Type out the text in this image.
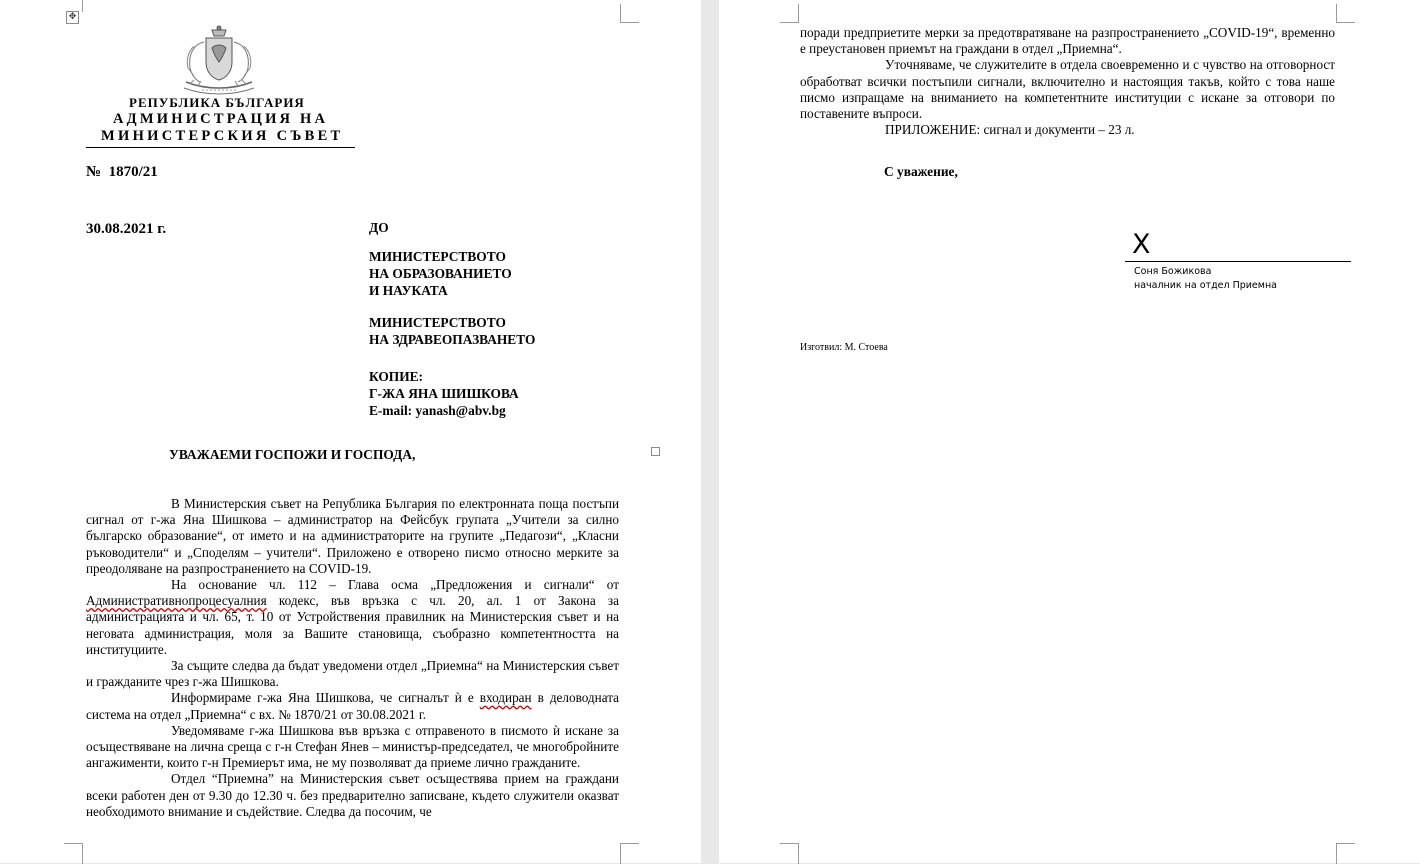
✥
РЕПУБЛИКА БЪЛГАРИЯ
АДМИНИСТРАЦИЯ НА
МИНИСТЕРСКИЯ СЪВЕТ
№ 1870/21
30.08.2021 г.	ДО
МИНИСТЕРСТВОТО
НА ОБРАЗОВАНИЕТО
И НАУКАТА
МИНИСТЕРСТВОТО
НА ЗДРАВЕОПАЗВАНЕТО
КОПИЕ:
Г-ЖА ЯНА ШИШКОВА
E-mail: yanash@abv.bg
УВАЖАЕМИ ГОСПОЖИ И ГОСПОДА,

В Министерския съвет на Република България по електронната поща постъпи сигнал от г-жа Яна Шишкова – администратор на Фейсбук групата „Учители за силно българско образование“, от името и на администраторите на групите „Педагози“, „Класни ръководители“ и „Споделям – учители“. Приложено е отворено писмо относно мерките за преодоляване на разпространението на COVID-19.

На основание чл. 112 – Глава осма „Предложения и сигнали“ от Административнопроцесуалния кодекс, във връзка с чл. 20, ал. 1 от Закона за администрацията и чл. 65, т. 10 от Устройствения правилник на Министерския съвет и на неговата администрация, моля за Вашите становища, съобразно компетентността на институциите.

За същите следва да бъдат уведомени отдел „Приемна“ на Министерския съвет и гражданите чрез г-жа Шишкова.

Информираме г-жа Яна Шишкова, че сигналът ѝ е входиран в деловодната система на отдел „Приемна“ с вх. № 1870/21 от 30.08.2021 г.

Уведомяваме г-жа Шишкова във връзка с отправеното в писмото ѝ искане за осъществяване на лична среща с г-н Стефан Янев – министър-председател, че многобройните ангажименти, които г-н Премиерът има, не му позволяват да приеме лично гражданите.

Отдел “Приемна” на Министерския съвет осъществява прием на граждани всеки работен ден от 9.30 до 12.30 ч. без предварително записване, където служители оказват необходимото внимание и съдействие. Следва да посочим, че

поради предприетите мерки за предотвратяване на разпространението „COVID-19“, временно е преустановен приемът на граждани в отдел „Приемна“.

Уточняваме, че служителите в отдела своевременно и с чувство на отговорност обработват всички постъпили сигнали, включително и настоящия такъв, който с това наше писмо изпращаме на вниманието на компетентните институции с искане за отговори по поставените въпроси.

ПРИЛОЖЕНИЕ: сигнал и документи – 23 л.

С уважение,
X
Соня Божикова
началник на отдел Приемна
Изготвил: М. Стоева
